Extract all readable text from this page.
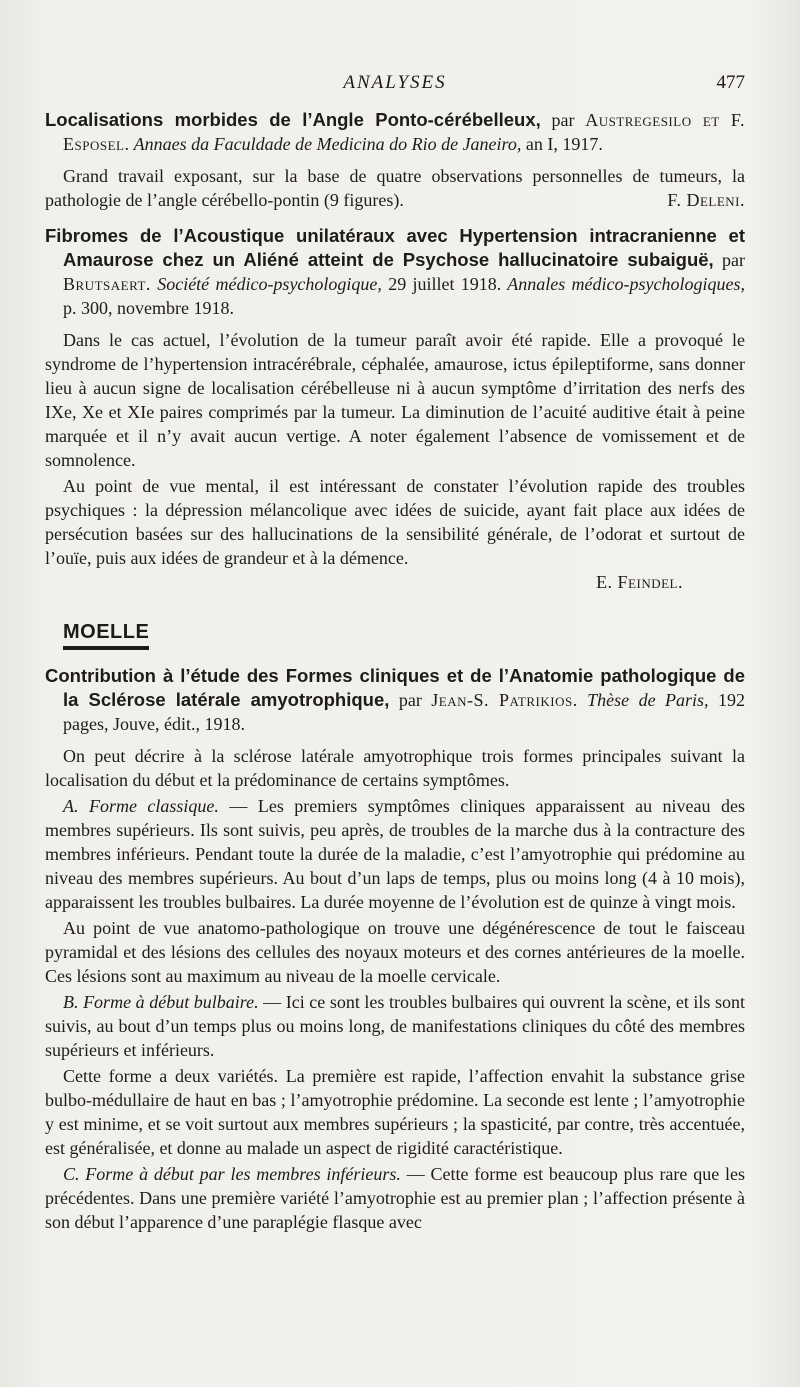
ANALYSES	477

Localisations morbides de l’Angle Ponto-cérébelleux, par Austregesilo et F. Esposel. Annaes da Faculdade de Medicina do Rio de Janeiro, an I, 1917.

Grand travail exposant, sur la base de quatre observations personnelles de tumeurs, la pathologie de l’angle cérébello-pontin (9 figures).	F. Deleni.

Fibromes de l’Acoustique unilatéraux avec Hypertension intracranienne et Amaurose chez un Aliéné atteint de Psychose hallucinatoire subaiguë, par Brutsaert. Société médico-psychologique, 29 juillet 1918. Annales médico-psychologiques, p. 300, novembre 1918.

Dans le cas actuel, l’évolution de la tumeur paraît avoir été rapide. Elle a provoqué le syndrome de l’hypertension intracérébrale, céphalée, amaurose, ictus épileptiforme, sans donner lieu à aucun signe de localisation cérébelleuse ni à aucun symptôme d’irritation des nerfs des IXe, Xe et XIe paires comprimés par la tumeur. La diminution de l’acuité auditive était à peine marquée et il n’y avait aucun vertige. A noter également l’absence de vomissement et de somnolence.

Au point de vue mental, il est intéressant de constater l’évolution rapide des troubles psychiques : la dépression mélancolique avec idées de suicide, ayant fait place aux idées de persécution basées sur des hallucinations de la sensibilité générale, de l’odorat et surtout de l’ouïe, puis aux idées de grandeur et à la démence.

E. Feindel.
MOELLE

Contribution à l’étude des Formes cliniques et de l’Anatomie pathologique de la Sclérose latérale amyotrophique, par Jean-S. Patrikios. Thèse de Paris, 192 pages, Jouve, édit., 1918.

On peut décrire à la sclérose latérale amyotrophique trois formes principales suivant la localisation du début et la prédominance de certains symptômes.

A. Forme classique. — Les premiers symptômes cliniques apparaissent au niveau des membres supérieurs. Ils sont suivis, peu après, de troubles de la marche dus à la contracture des membres inférieurs. Pendant toute la durée de la maladie, c’est l’amyotrophie qui prédomine au niveau des membres supérieurs. Au bout d’un laps de temps, plus ou moins long (4 à 10 mois), apparaissent les troubles bulbaires. La durée moyenne de l’évolution est de quinze à vingt mois.

Au point de vue anatomo-pathologique on trouve une dégénérescence de tout le faisceau pyramidal et des lésions des cellules des noyaux moteurs et des cornes antérieures de la moelle. Ces lésions sont au maximum au niveau de la moelle cervicale.

B. Forme à début bulbaire. — Ici ce sont les troubles bulbaires qui ouvrent la scène, et ils sont suivis, au bout d’un temps plus ou moins long, de manifestations cliniques du côté des membres supérieurs et inférieurs.

Cette forme a deux variétés. La première est rapide, l’affection envahit la substance grise bulbo-médullaire de haut en bas ; l’amyotrophie prédomine. La seconde est lente ; l’amyotrophie y est minime, et se voit surtout aux membres supérieurs ; la spasticité, par contre, très accentuée, est généralisée, et donne au malade un aspect de rigidité caractéristique.

C. Forme à début par les membres inférieurs. — Cette forme est beaucoup plus rare que les précédentes. Dans une première variété l’amyotrophie est au premier plan ; l’affection présente à son début l’apparence d’une paraplégie flasque avec
